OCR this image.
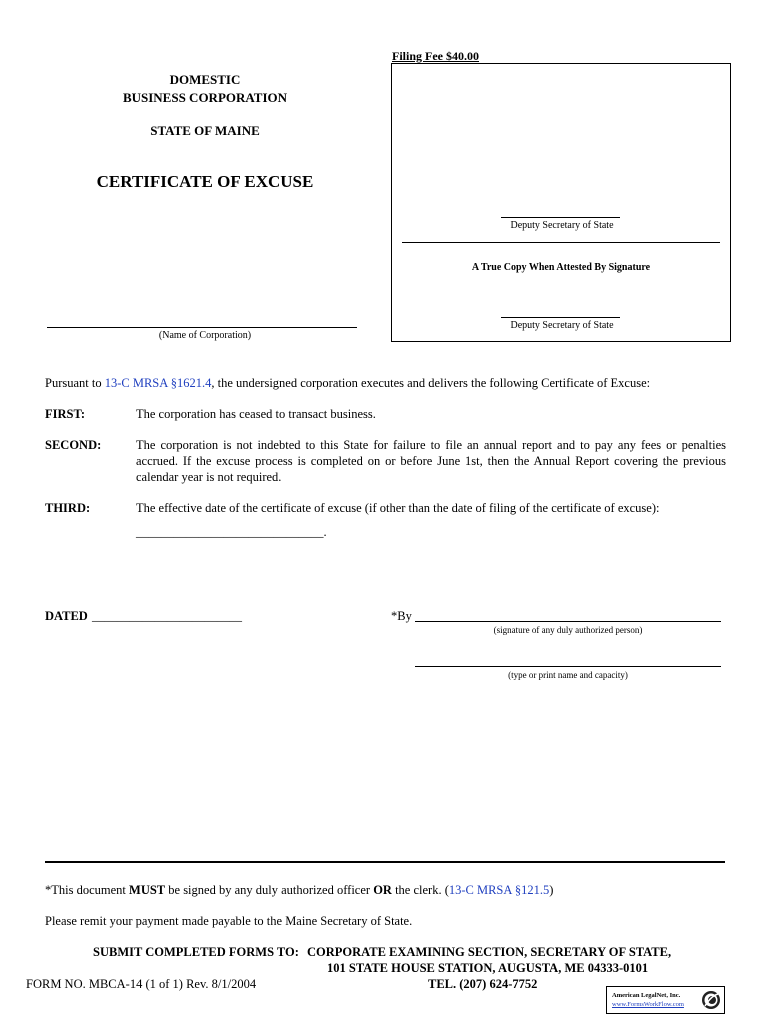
Filing Fee $40.00
Deputy Secretary of State
A True Copy When Attested By Signature
Deputy Secretary of State
DOMESTIC
BUSINESS CORPORATION
STATE OF MAINE
CERTIFICATE OF EXCUSE
(Name of Corporation)
Pursuant to 13-C MRSA §1621.4, the undersigned corporation executes and delivers the following Certificate of Excuse:
FIRST:	The corporation has ceased to transact business.
SECOND:	The corporation is not indebted to this State for failure to file an annual report and to pay any fees or penalties accrued. If the excuse process is completed on or before June 1st, then the Annual Report covering the previous calendar year is not required.
THIRD:	The effective date of the certificate of excuse (if other than the date of filing of the certificate of excuse):
______________________________.
DATED ________________________	*By
(signature of any duly authorized person)
(type or print name and capacity)
*This document MUST be signed by any duly authorized officer OR the clerk. (13-C MRSA §121.5)
Please remit your payment made payable to the Maine Secretary of State.
SUBMIT COMPLETED FORMS TO: CORPORATE EXAMINING SECTION, SECRETARY OF STATE,
101 STATE HOUSE STATION, AUGUSTA, ME 04333-0101
TEL. (207) 624-7752
FORM NO. MBCA-14 (1 of 1) Rev. 8/1/2004
American LegalNet, Inc.
www.FormsWorkFlow.com
